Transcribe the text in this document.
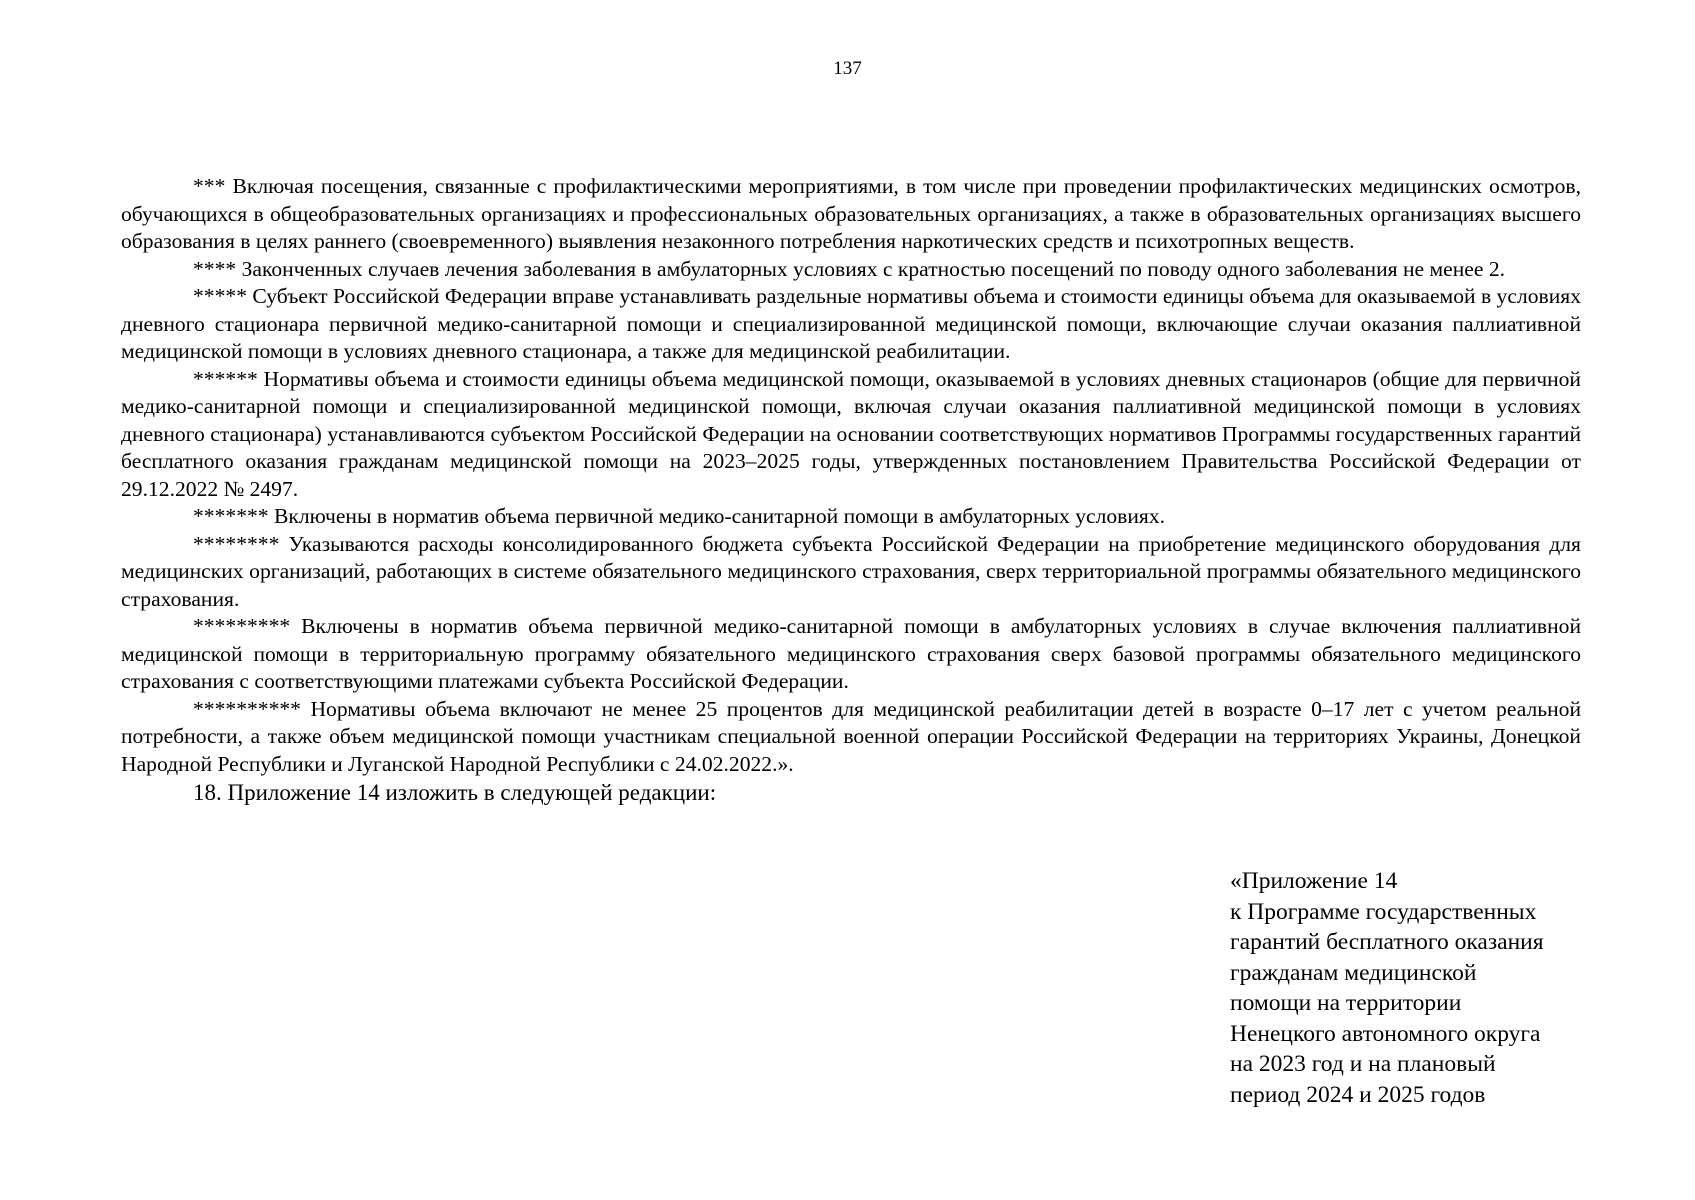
137

*** Включая посещения, связанные с профилактическими мероприятиями, в том числе при проведении профилактических медицинских осмотров, обучающихся в общеобразовательных организациях и профессиональных образовательных организациях, а также в образовательных организациях высшего образования в целях раннего (своевременного) выявления незаконного потребления наркотических средств и психотропных веществ.

**** Законченных случаев лечения заболевания в амбулаторных условиях с кратностью посещений по поводу одного заболевания не менее 2.

***** Субъект Российской Федерации вправе устанавливать раздельные нормативы объема и стоимости единицы объема для оказываемой в условиях дневного стационара первичной медико-санитарной помощи и специализированной медицинской помощи, включающие случаи оказания паллиативной медицинской помощи в условиях дневного стационара, а также для медицинской реабилитации.

****** Нормативы объема и стоимости единицы объема медицинской помощи, оказываемой в условиях дневных стационаров (общие для первичной медико-санитарной помощи и специализированной медицинской помощи, включая случаи оказания паллиативной медицинской помощи в условиях дневного стационара) устанавливаются субъектом Российской Федерации на основании соответствующих нормативов Программы государственных гарантий бесплатного оказания гражданам медицинской помощи на 2023–2025 годы, утвержденных постановлением Правительства Российской Федерации от 29.12.2022 № 2497.

******* Включены в норматив объема первичной медико-санитарной помощи в амбулаторных условиях.

******** Указываются расходы консолидированного бюджета субъекта Российской Федерации на приобретение медицинского оборудования для медицинских организаций, работающих в системе обязательного медицинского страхования, сверх территориальной программы обязательного медицинского страхования.

********* Включены в норматив объема первичной медико-санитарной помощи в амбулаторных условиях в случае включения паллиативной медицинской помощи в территориальную программу обязательного медицинского страхования сверх базовой программы обязательного медицинского страхования с соответствующими платежами субъекта Российской Федерации.

********** Нормативы объема включают не менее 25 процентов для медицинской реабилитации детей в возрасте 0–17 лет с учетом реальной потребности, а также объем медицинской помощи участникам специальной военной операции Российской Федерации на территориях Украины, Донецкой Народной Республики и Луганской Народной Республики с 24.02.2022.».

18. Приложение 14 изложить в следующей редакции:

«Приложение 14
к Программе государственных
гарантий бесплатного оказания
гражданам медицинской
помощи на территории
Ненецкого автономного округа
на 2023 год и на плановый
период 2024 и 2025 годов
